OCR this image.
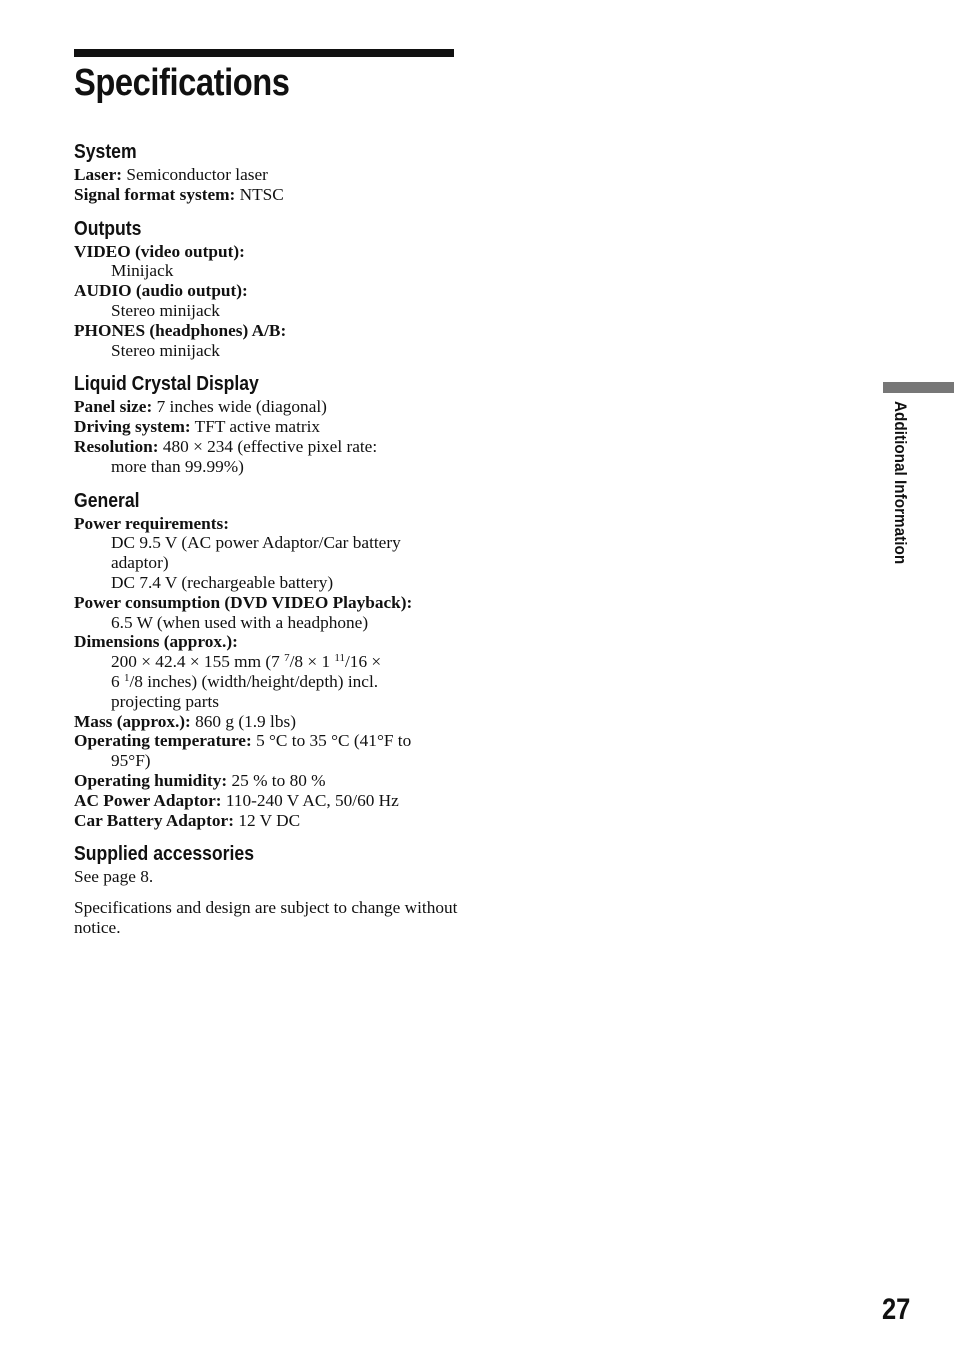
Specifications
System
Laser: Semiconductor laser
Signal format system: NTSC
Outputs
VIDEO (video output):
Minijack
AUDIO (audio output):
Stereo minijack
PHONES (headphones) A/B:
Stereo minijack
Liquid Crystal Display
Panel size: 7 inches wide (diagonal)
Driving system: TFT active matrix
Resolution: 480 × 234 (effective pixel rate:
more than 99.99%)
General
Power requirements:
DC 9.5 V (AC power Adaptor/Car battery
adaptor)
DC 7.4 V (rechargeable battery)
Power consumption (DVD VIDEO Playback):
6.5 W (when used with a headphone)
Dimensions (approx.):
200 × 42.4 × 155 mm (7 $^7$/8 × 1 $^{11}$/16 ×
6 $^1$/8 inches) (width/height/depth) incl.
projecting parts
Mass (approx.): 860 g (1.9 lbs)
Operating temperature: 5 °C to 35 °C (41°F to
95°F)
Operating humidity: 25 % to 80 %
AC Power Adaptor: 110-240 V AC, 50/60 Hz
Car Battery Adaptor: 12 V DC
Supplied accessories
See page 8.
Specifications and design are subject to change without notice.
Additional Information
27
